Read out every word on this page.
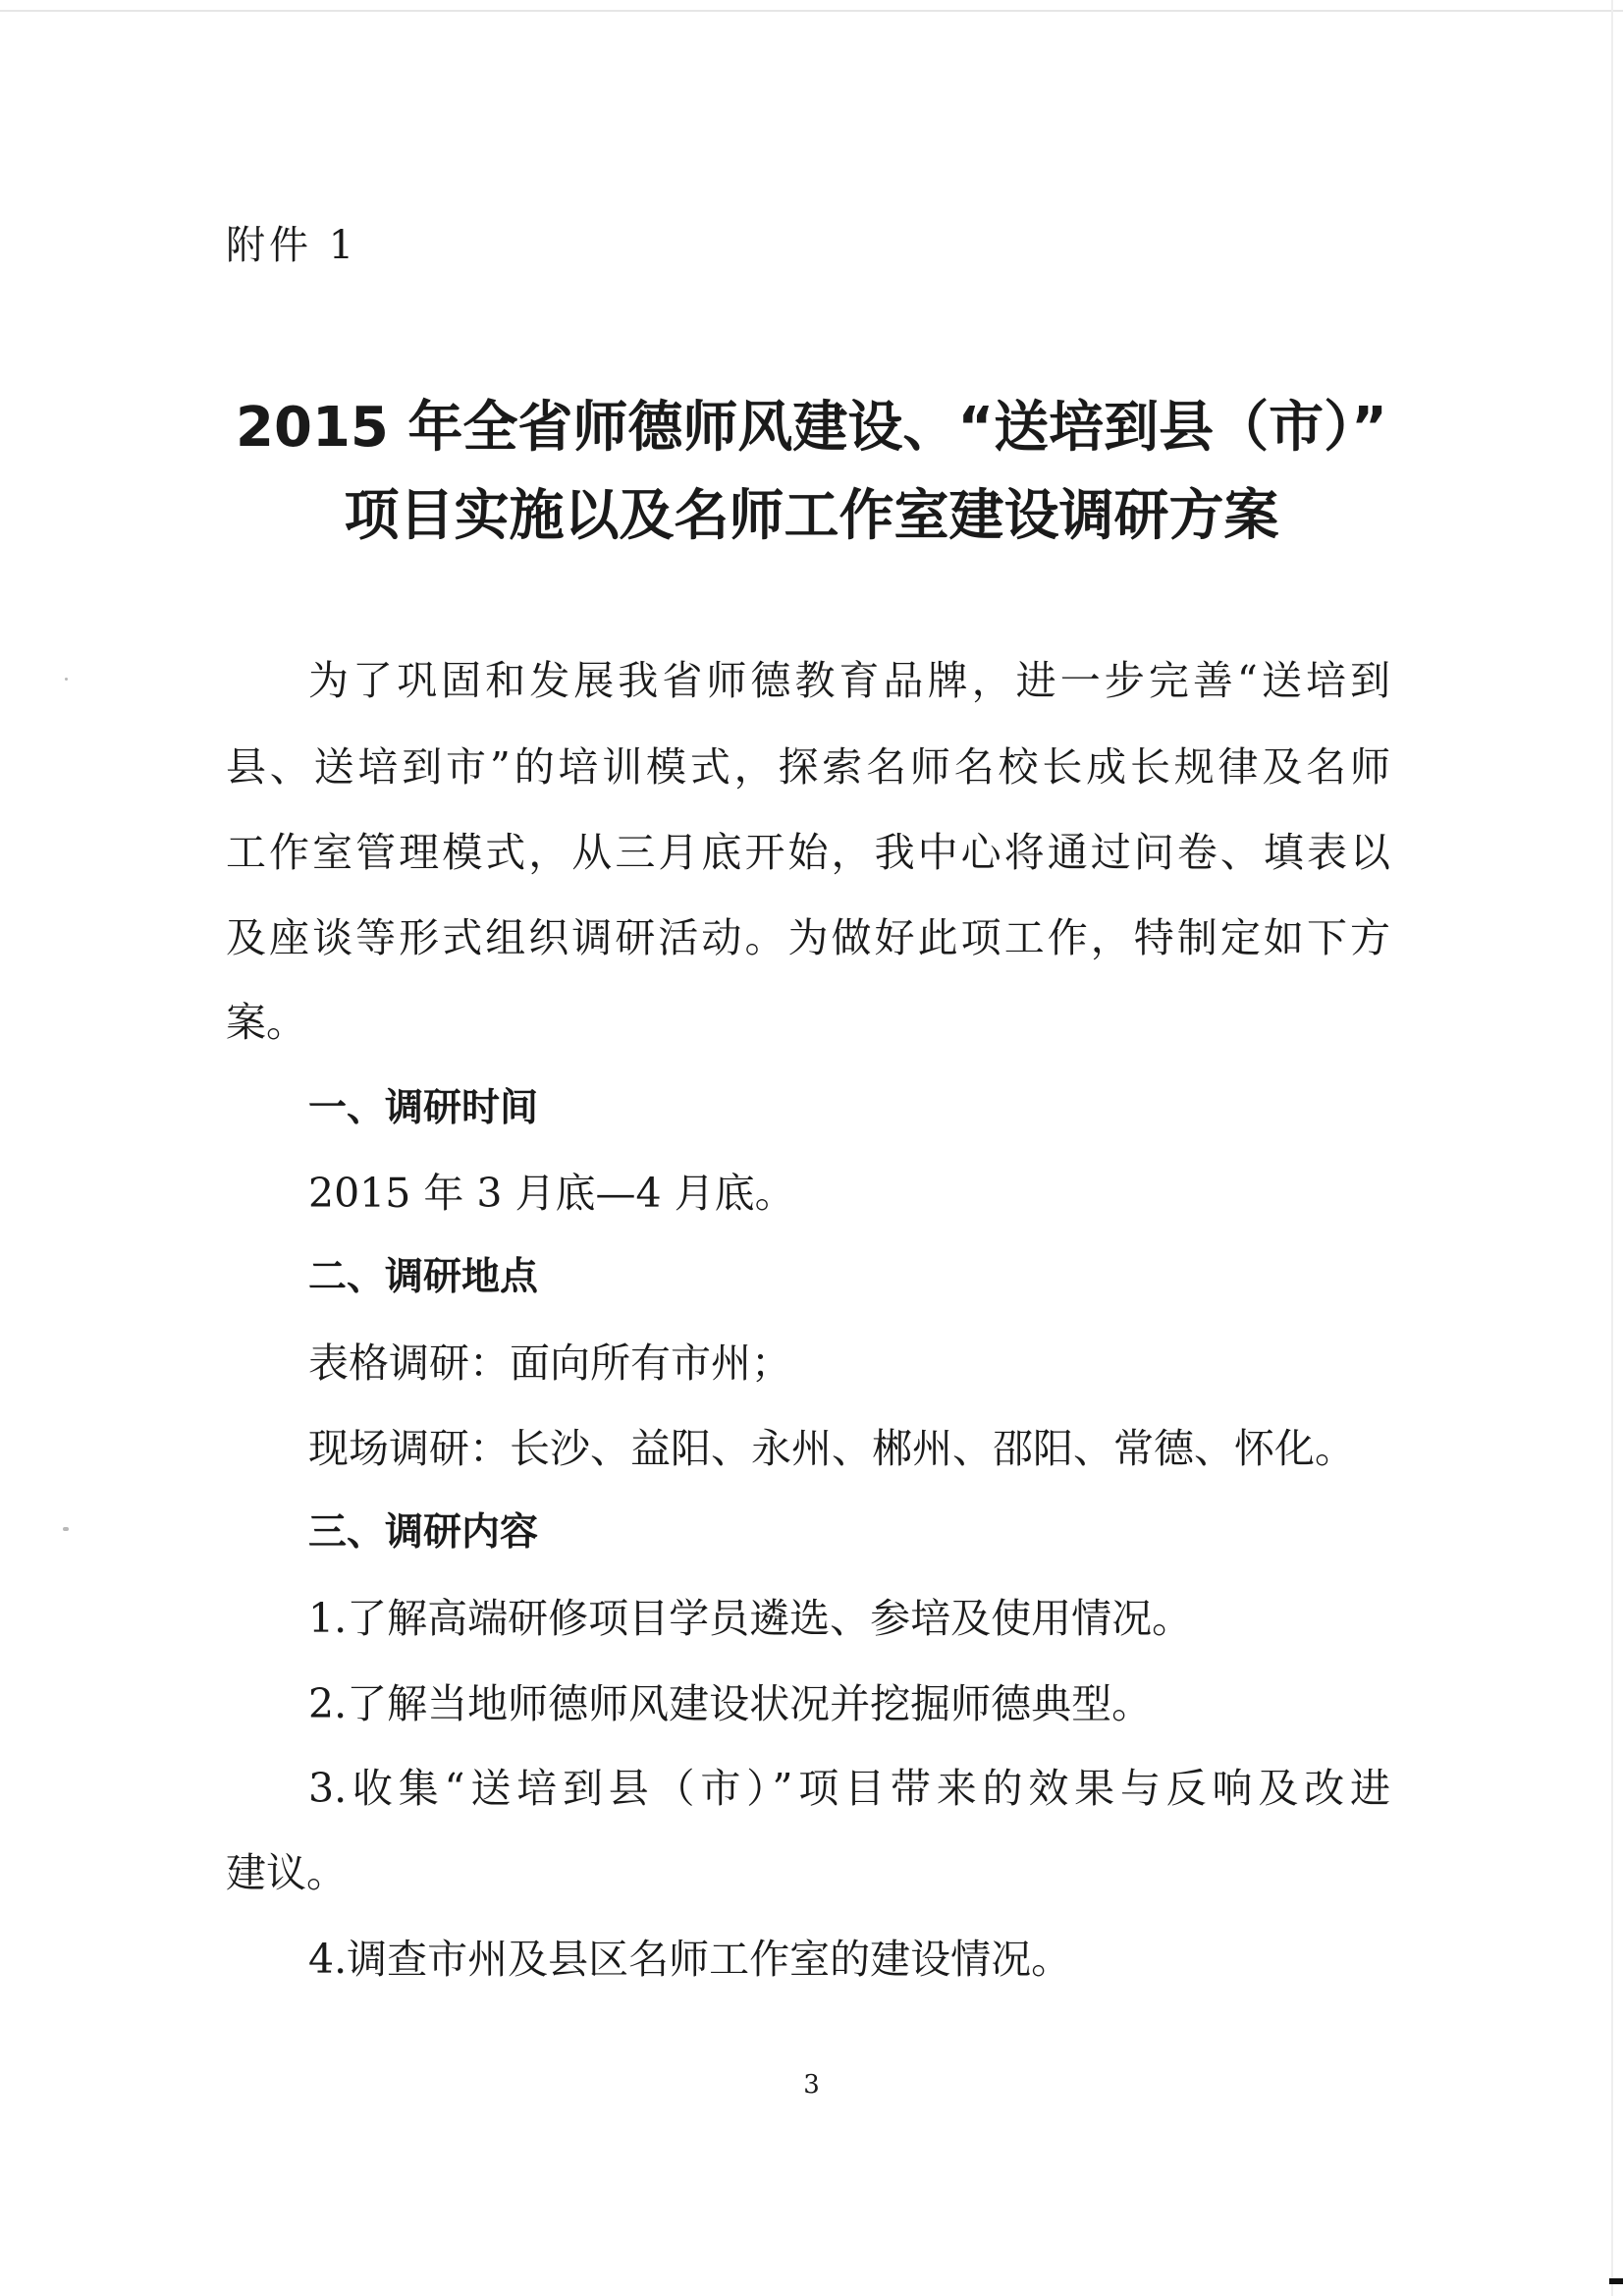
附件 1
2015 年全省师德师风建设、“送培到县（市）”
项目实施以及名师工作室建设调研方案
为了巩固和发展我省师德教育品牌，进一步完善“送培到
县、送培到市”的培训模式，探索名师名校长成长规律及名师
工作室管理模式，从三月底开始，我中心将通过问卷、填表以
及座谈等形式组织调研活动。为做好此项工作，特制定如下方
案。
一、调研时间
2015 年 3 月底—4 月底。
二、调研地点
表格调研：面向所有市州；
现场调研：长沙、益阳、永州、郴州、邵阳、常德、怀化。
三、调研内容
1.了解高端研修项目学员遴选、参培及使用情况。
2.了解当地师德师风建设状况并挖掘师德典型。
3.收集“送培到县（市）”项目带来的效果与反响及改进
建议。
4.调查市州及县区名师工作室的建设情况。
3
